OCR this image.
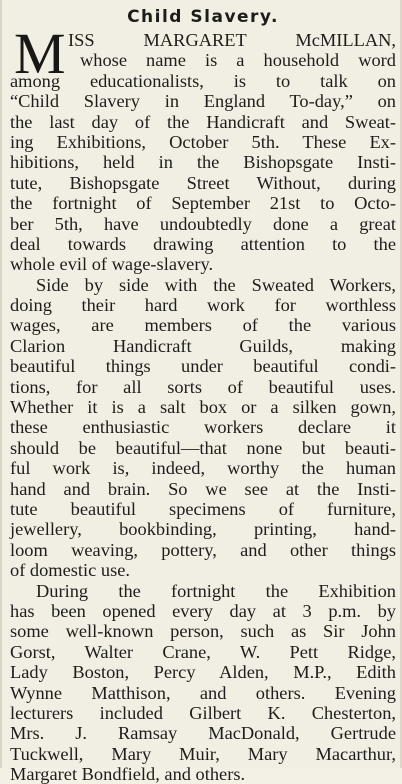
Child Slavery.
M ISS MARGARET McMILLAN,
whose name is a household word
among educationalists, is to talk on
“Child Slavery in England To-day,” on
the last day of the Handicraft and Sweat-
ing Exhibitions, October 5th. These Ex-
hibitions, held in the Bishopsgate Insti-
tute, Bishopsgate Street Without, during
the fortnight of September 21st to Octo-
ber 5th, have undoubtedly done a great
deal towards drawing attention to the
whole evil of wage-slavery.
Side by side with the Sweated Workers,
doing their hard work for worthless
wages, are members of the various
Clarion Handicraft Guilds, making
beautiful things under beautiful condi-
tions, for all sorts of beautiful uses.
Whether it is a salt box or a silken gown,
these enthusiastic workers declare it
should be beautiful—that none but beauti-
ful work is, indeed, worthy the human
hand and brain. So we see at the Insti-
tute beautiful specimens of furniture,
jewellery, bookbinding, printing, hand-
loom weaving, pottery, and other things
of domestic use.
During the fortnight the Exhibition
has been opened every day at 3 p.m. by
some well-known person, such as Sir John
Gorst, Walter Crane, W. Pett Ridge,
Lady Boston, Percy Alden, M.P., Edith
Wynne Matthison, and others. Evening
lecturers included Gilbert K. Chesterton,
Mrs. J. Ramsay MacDonald, Gertrude
Tuckwell, Mary Muir, Mary Macarthur,
Margaret Bondfield, and others.
